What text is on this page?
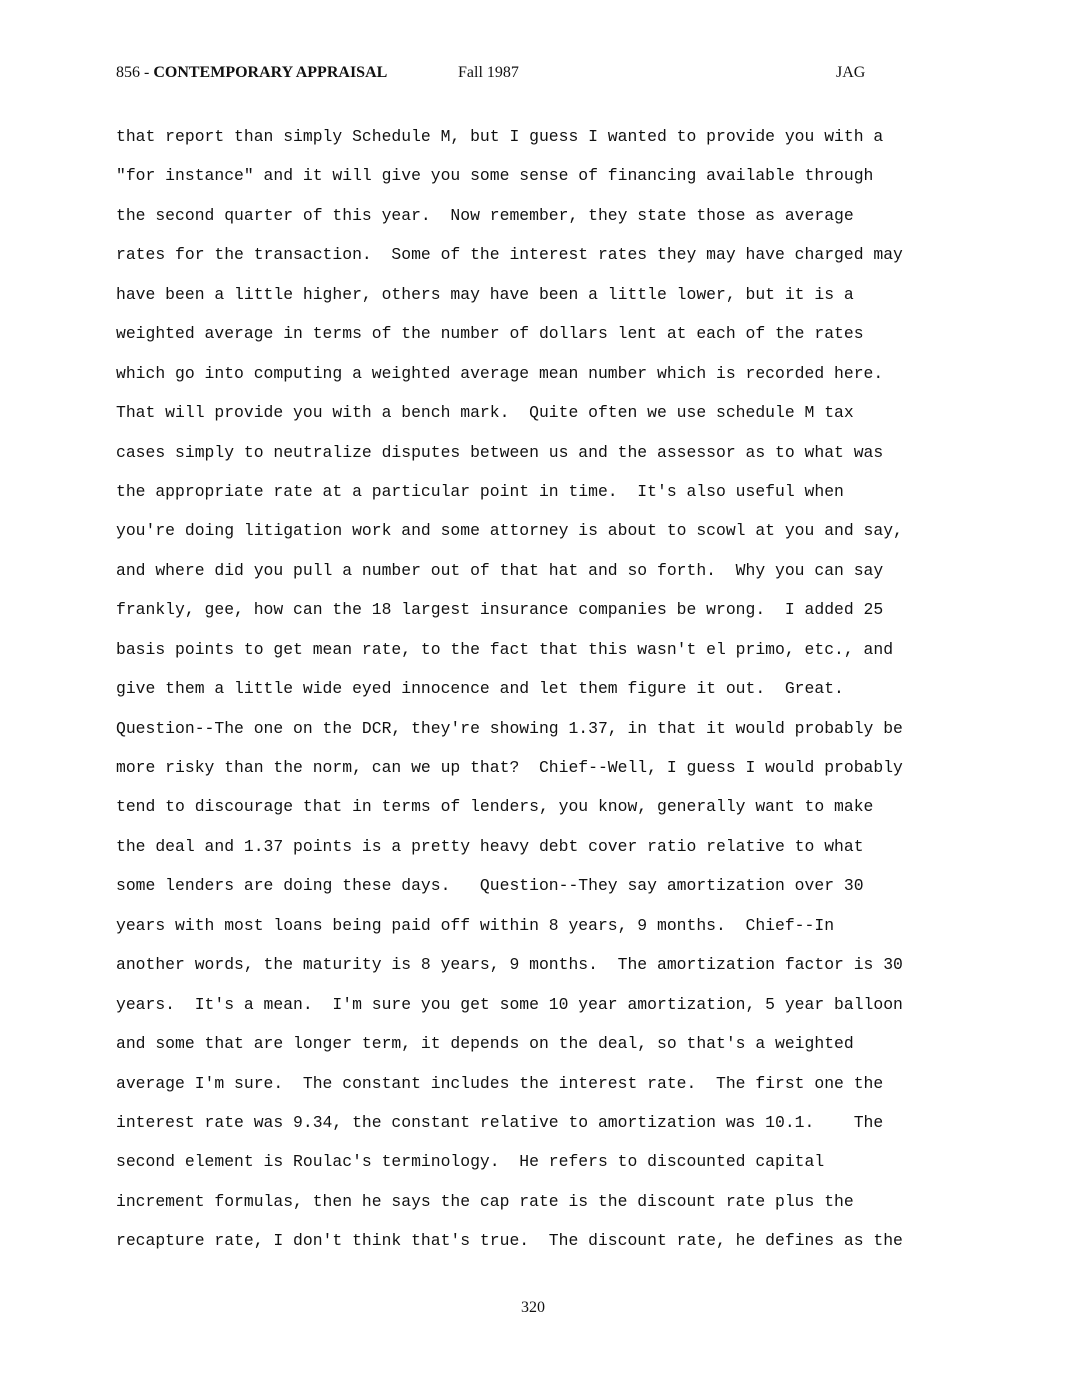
856 - CONTEMPORARY APPRAISAL	Fall 1987	JAG
that report than simply Schedule M, but I guess I wanted to provide you with a
"for instance" and it will give you some sense of financing available through
the second quarter of this year.  Now remember, they state those as average
rates for the transaction.  Some of the interest rates they may have charged may
have been a little higher, others may have been a little lower, but it is a
weighted average in terms of the number of dollars lent at each of the rates
which go into computing a weighted average mean number which is recorded here.
That will provide you with a bench mark.  Quite often we use schedule M tax
cases simply to neutralize disputes between us and the assessor as to what was
the appropriate rate at a particular point in time.  It's also useful when
you're doing litigation work and some attorney is about to scowl at you and say,
and where did you pull a number out of that hat and so forth.  Why you can say
frankly, gee, how can the 18 largest insurance companies be wrong.  I added 25
basis points to get mean rate, to the fact that this wasn't el primo, etc., and
give them a little wide eyed innocence and let them figure it out.  Great.
Question--The one on the DCR, they're showing 1.37, in that it would probably be
more risky than the norm, can we up that?  Chief--Well, I guess I would probably
tend to discourage that in terms of lenders, you know, generally want to make
the deal and 1.37 points is a pretty heavy debt cover ratio relative to what
some lenders are doing these days.   Question--They say amortization over 30
years with most loans being paid off within 8 years, 9 months.  Chief--In
another words, the maturity is 8 years, 9 months.  The amortization factor is 30
years.  It's a mean.  I'm sure you get some 10 year amortization, 5 year balloon
and some that are longer term, it depends on the deal, so that's a weighted
average I'm sure.  The constant includes the interest rate.  The first one the
interest rate was 9.34, the constant relative to amortization was 10.1.    The
second element is Roulac's terminology.  He refers to discounted capital
increment formulas, then he says the cap rate is the discount rate plus the
recapture rate, I don't think that's true.  The discount rate, he defines as the
320
